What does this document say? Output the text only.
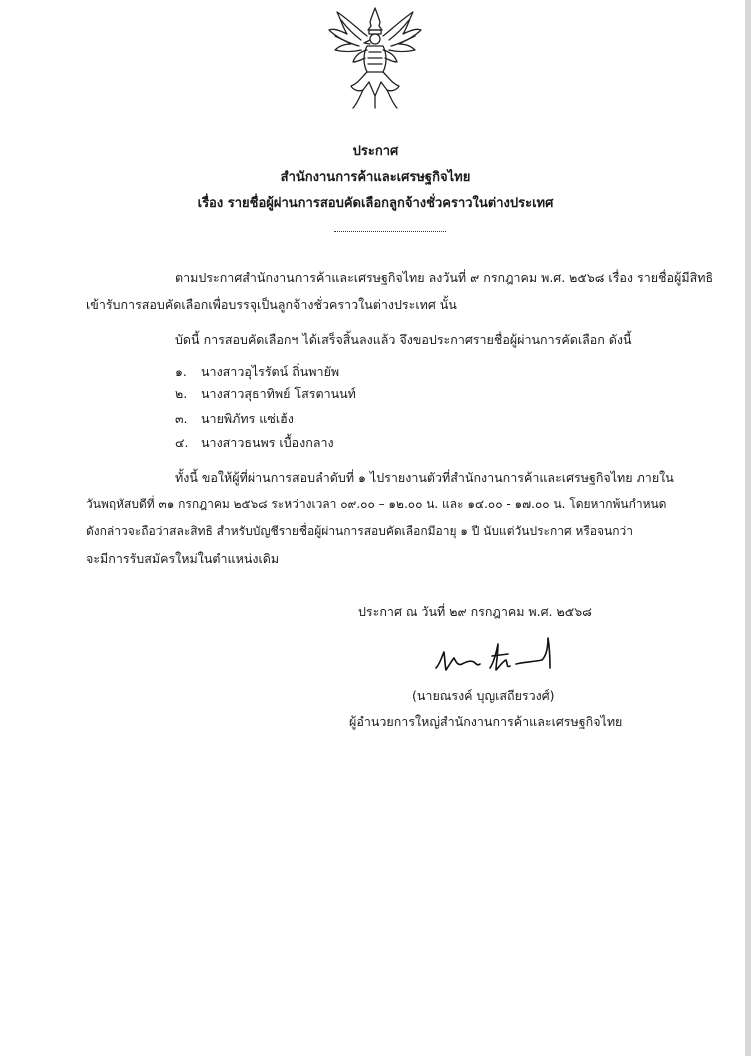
ประกาศ

สำนักงานการค้าและเศรษฐกิจไทย

เรื่อง รายชื่อผู้ผ่านการสอบคัดเลือกลูกจ้างชั่วคราวในต่างประเทศ

ตามประกาศสำนักงานการค้าและเศรษฐกิจไทย ลงวันที่ ๙ กรกฎาคม พ.ศ. ๒๕๖๘ เรื่อง รายชื่อผู้มีสิทธิ

เข้ารับการสอบคัดเลือกเพื่อบรรจุเป็นลูกจ้างชั่วคราวในต่างประเทศ นั้น

บัดนี้ การสอบคัดเลือกฯ ได้เสร็จสิ้นลงแล้ว จึงขอประกาศรายชื่อผู้ผ่านการคัดเลือก ดังนี้

๑. นางสาวอุไรรัตน์ ถิ่นพายัพ
๒. นางสาวสุธาทิพย์ โสรตานนท์
๓. นายพิภัทร แซ่เฮ้ง
๔. นางสาวธนพร เบื้องกลาง

ทั้งนี้ ขอให้ผู้ที่ผ่านการสอบลำดับที่ ๑ ไปรายงานตัวที่สำนักงานการค้าและเศรษฐกิจไทย ภายใน

วันพฤหัสบดีที่ ๓๑ กรกฎาคม ๒๕๖๘ ระหว่างเวลา ๐๙.๐๐ – ๑๒.๐๐ น. และ ๑๔.๐๐ - ๑๗.๐๐ น. โดยหากพ้นกำหนด

ดังกล่าวจะถือว่าสละสิทธิ สำหรับบัญชีรายชื่อผู้ผ่านการสอบคัดเลือกมีอายุ ๑ ปี นับแต่วันประกาศ หรือจนกว่า

จะมีการรับสมัครใหม่ในตำแหน่งเดิม

ประกาศ ณ วันที่ ๒๙ กรกฎาคม พ.ศ. ๒๕๖๘

(นายณรงค์ บุญเสถียรวงศ์)

ผู้อำนวยการใหญ่สำนักงานการค้าและเศรษฐกิจไทย
